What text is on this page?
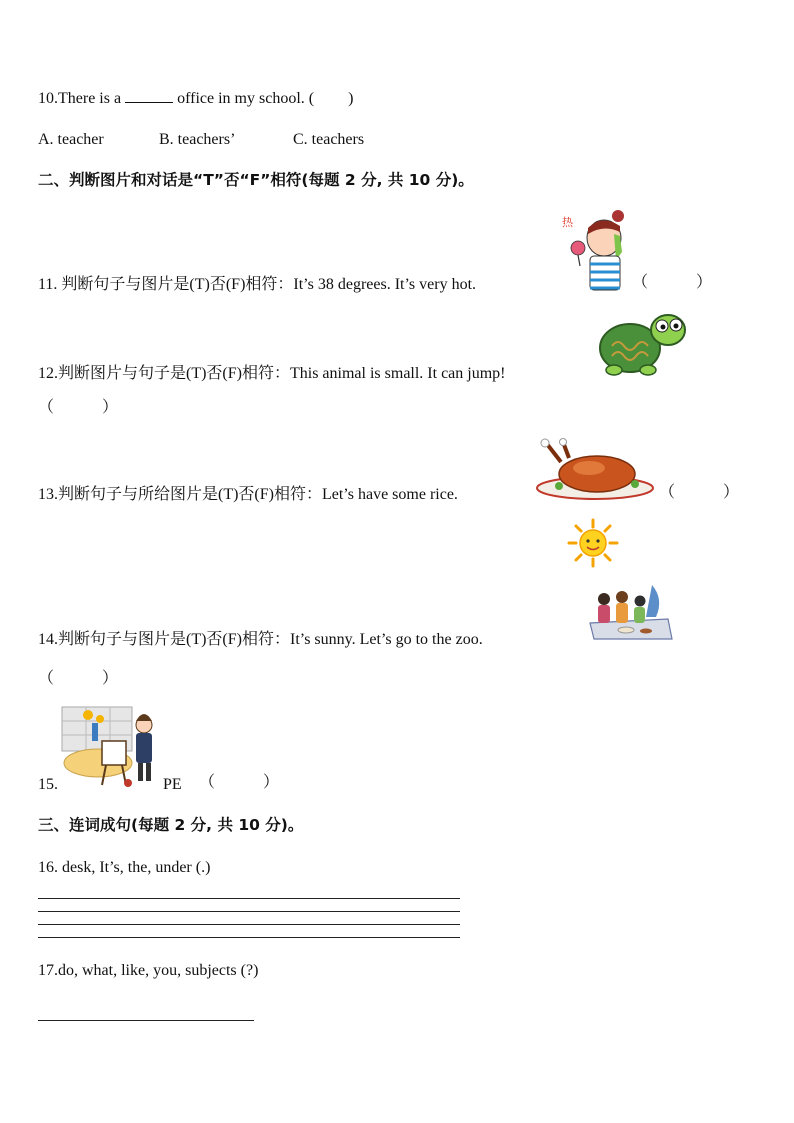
10.There is a	office in my school. ( )
A. teacher	B. teachers’	C. teachers
二、判断图片和对话是“T”否“F”相符(每题 2 分, 共 10 分)。
11. 判断句子与图片是(T)否(F)相符：It’s 38 degrees. It’s very hot.
热
（　　　）
12.判断图片与句子是(T)否(F)相符：This animal is small. It can jump!
（　　　）
13.判断句子与所给图片是(T)否(F)相符：Let’s have some rice.	（　　　）
14.判断句子与图片是(T)否(F)相符：It’s sunny. Let’s go to the zoo.
（　　　）
15.	PE （　　　）
三、连词成句(每题 2 分, 共 10 分)。
16. desk, It’s, the, under (.)
17.do, what, like, you, subjects (?)
